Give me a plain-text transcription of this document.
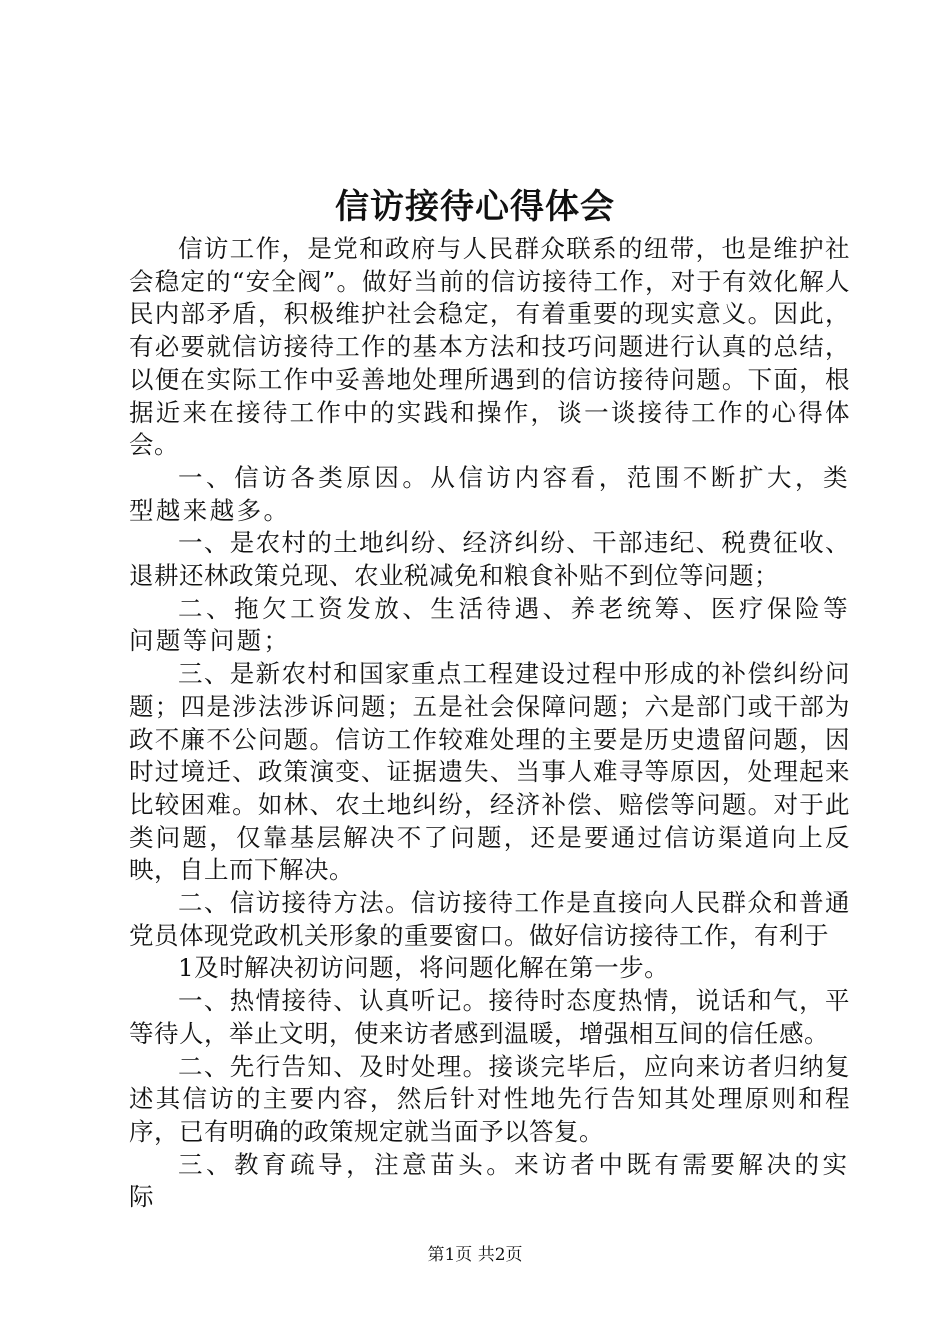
信访接待心得体会

信访工作，是党和政府与人民群众联系的纽带，也是维护社会稳定的“安全阀”。做好当前的信访接待工作，对于有效化解人民内部矛盾，积极维护社会稳定，有着重要的现实意义。因此，有必要就信访接待工作的基本方法和技巧问题进行认真的总结，以便在实际工作中妥善地处理所遇到的信访接待问题。下面，根据近来在接待工作中的实践和操作，谈一谈接待工作的心得体会。

一、信访各类原因。从信访内容看，范围不断扩大，类型越来越多。

一、是农村的土地纠纷、经济纠纷、干部违纪、税费征收、退耕还林政策兑现、农业税减免和粮食补贴不到位等问题；

二、拖欠工资发放、生活待遇、养老统筹、医疗保险等问题等问题；

三、是新农村和国家重点工程建设过程中形成的补偿纠纷问题；四是涉法涉诉问题；五是社会保障问题；六是部门或干部为政不廉不公问题。信访工作较难处理的主要是历史遗留问题，因时过境迁、政策演变、证据遗失、当事人难寻等原因，处理起来比较困难。如林、农土地纠纷，经济补偿、赔偿等问题。对于此类问题，仅靠基层解决不了问题，还是要通过信访渠道向上反映，自上而下解决。

二、信访接待方法。信访接待工作是直接向人民群众和普通党员体现党政机关形象的重要窗口。做好信访接待工作，有利于

1及时解决初访问题，将问题化解在第一步。

一、热情接待、认真听记。接待时态度热情，说话和气，平等待人，举止文明，使来访者感到温暖，增强相互间的信任感。

二、先行告知、及时处理。接谈完毕后，应向来访者归纳复述其信访的主要内容，然后针对性地先行告知其处理原则和程序，已有明确的政策规定就当面予以答复。

三、教育疏导，注意苗头。来访者中既有需要解决的实际

第1页 共2页
